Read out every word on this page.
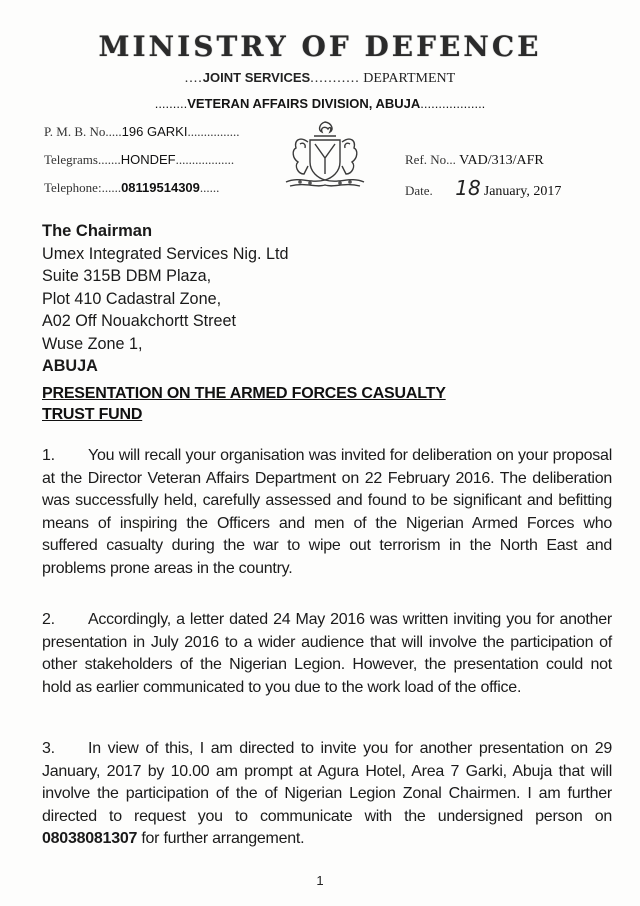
MINISTRY OF DEFENCE
....JOINT SERVICES........... DEPARTMENT
.........VETERAN AFFAIRS DIVISION, ABUJA..................
P. M. B. No.....196 GARKI................
Telegrams.......HONDEF..................
Telephone:......08119514309......
Ref. No... VAD/313/AFR
Date. 18 January, 2017
The Chairman
Umex Integrated Services Nig. Ltd
Suite 315B DBM Plaza,
Plot 410 Cadastral Zone,
A02 Off Nouakchortt Street
Wuse Zone 1,
ABUJA
PRESENTATION ON THE ARMED FORCES CASUALTY
TRUST FUND
1. You will recall your organisation was invited for deliberation on your proposal at the Director Veteran Affairs Department on 22 February 2016. The deliberation was successfully held, carefully assessed and found to be significant and befitting means of inspiring the Officers and men of the Nigerian Armed Forces who suffered casualty during the war to wipe out terrorism in the North East and problems prone areas in the country.
2. Accordingly, a letter dated 24 May 2016 was written inviting you for another presentation in July 2016 to a wider audience that will involve the participation of other stakeholders of the Nigerian Legion. However, the presentation could not hold as earlier communicated to you due to the work load of the office.
3. In view of this, I am directed to invite you for another presentation on 29 January, 2017 by 10.00 am prompt at Agura Hotel, Area 7 Garki, Abuja that will involve the participation of the of Nigerian Legion Zonal Chairmen. I am further directed to request you to communicate with the undersigned person on 08038081307 for further arrangement.
1
